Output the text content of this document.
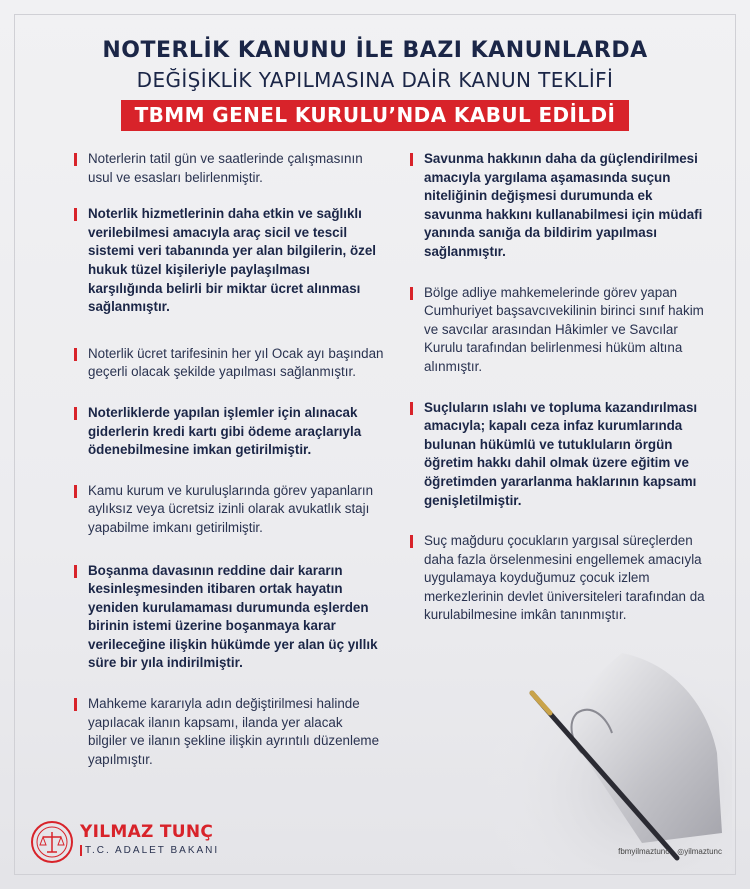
NOTERLİK KANUNU İLE BAZI KANUNLARDA
DEĞİŞİKLİK YAPILMASINA DAİR KANUN TEKLİFİ
TBMM GENEL KURULU’NDA KABUL EDİLDİ
Noterlerin tatil gün ve saatlerinde çalışmasının usul ve esasları belirlenmiştir.
Noterlik hizmetlerinin daha etkin ve sağlıklı verilebilmesi amacıyla araç sicil ve tescil sistemi veri tabanında yer alan bilgilerin, özel hukuk tüzel kişileriyle paylaşılması karşılığında belirli bir miktar ücret alınması sağlanmıştır.
Noterlik ücret tarifesinin her yıl Ocak ayı başından geçerli olacak şekilde yapılması sağlanmıştır.
Noterliklerde yapılan işlemler için alınacak giderlerin kredi kartı gibi ödeme araçlarıyla ödenebilmesine imkan getirilmiştir.
Kamu kurum ve kuruluşlarında görev yapanların aylıksız veya ücretsiz izinli olarak avukatlık stajı yapabilme imkanı getirilmiştir.
Boşanma davasının reddine dair kararın kesinleşmesinden itibaren ortak hayatın yeniden kurulamaması durumunda eşlerden birinin istemi üzerine boşanmaya karar verileceğine ilişkin hükümde yer alan üç yıllık süre bir yıla indirilmiştir.
Mahkeme kararıyla adın değiştirilmesi halinde yapılacak ilanın kapsamı, ilanda yer alacak bilgiler ve ilanın şekline ilişkin ayrıntılı düzenleme yapılmıştır.
Savunma hakkının daha da güçlendirilmesi amacıyla yargılama aşamasında suçun niteliğinin değişmesi durumunda ek savunma hakkını kullanabilmesi için müdafi yanında sanığa da bildirim yapılması sağlanmıştır.
Bölge adliye mahkemelerinde görev yapan Cumhuriyet başsavcıvekilinin birinci sınıf hakim ve savcılar arasından Hâkimler ve Savcılar Kurulu tarafından belirlenmesi hüküm altına alınmıştır.
Suçluların ıslahı ve topluma kazandırılması amacıyla; kapalı ceza infaz kurumlarında bulunan hükümlü ve tutukluların örgün öğretim hakkı dahil olmak üzere eğitim ve öğretimden yararlanma haklarının kapsamı genişletilmiştir.
Suç mağduru çocukların yargısal süreçlerden daha fazla örselenmesini engellemek amacıyla uygulamaya koyduğumuz çocuk izlem merkezlerinin devlet üniversiteleri tarafından da kurulabilmesine imkân tanınmıştır.
YILMAZ TUNÇ
T.C. ADALET BAKANI	fbmyilmaztunc ◎yilmaztunc
